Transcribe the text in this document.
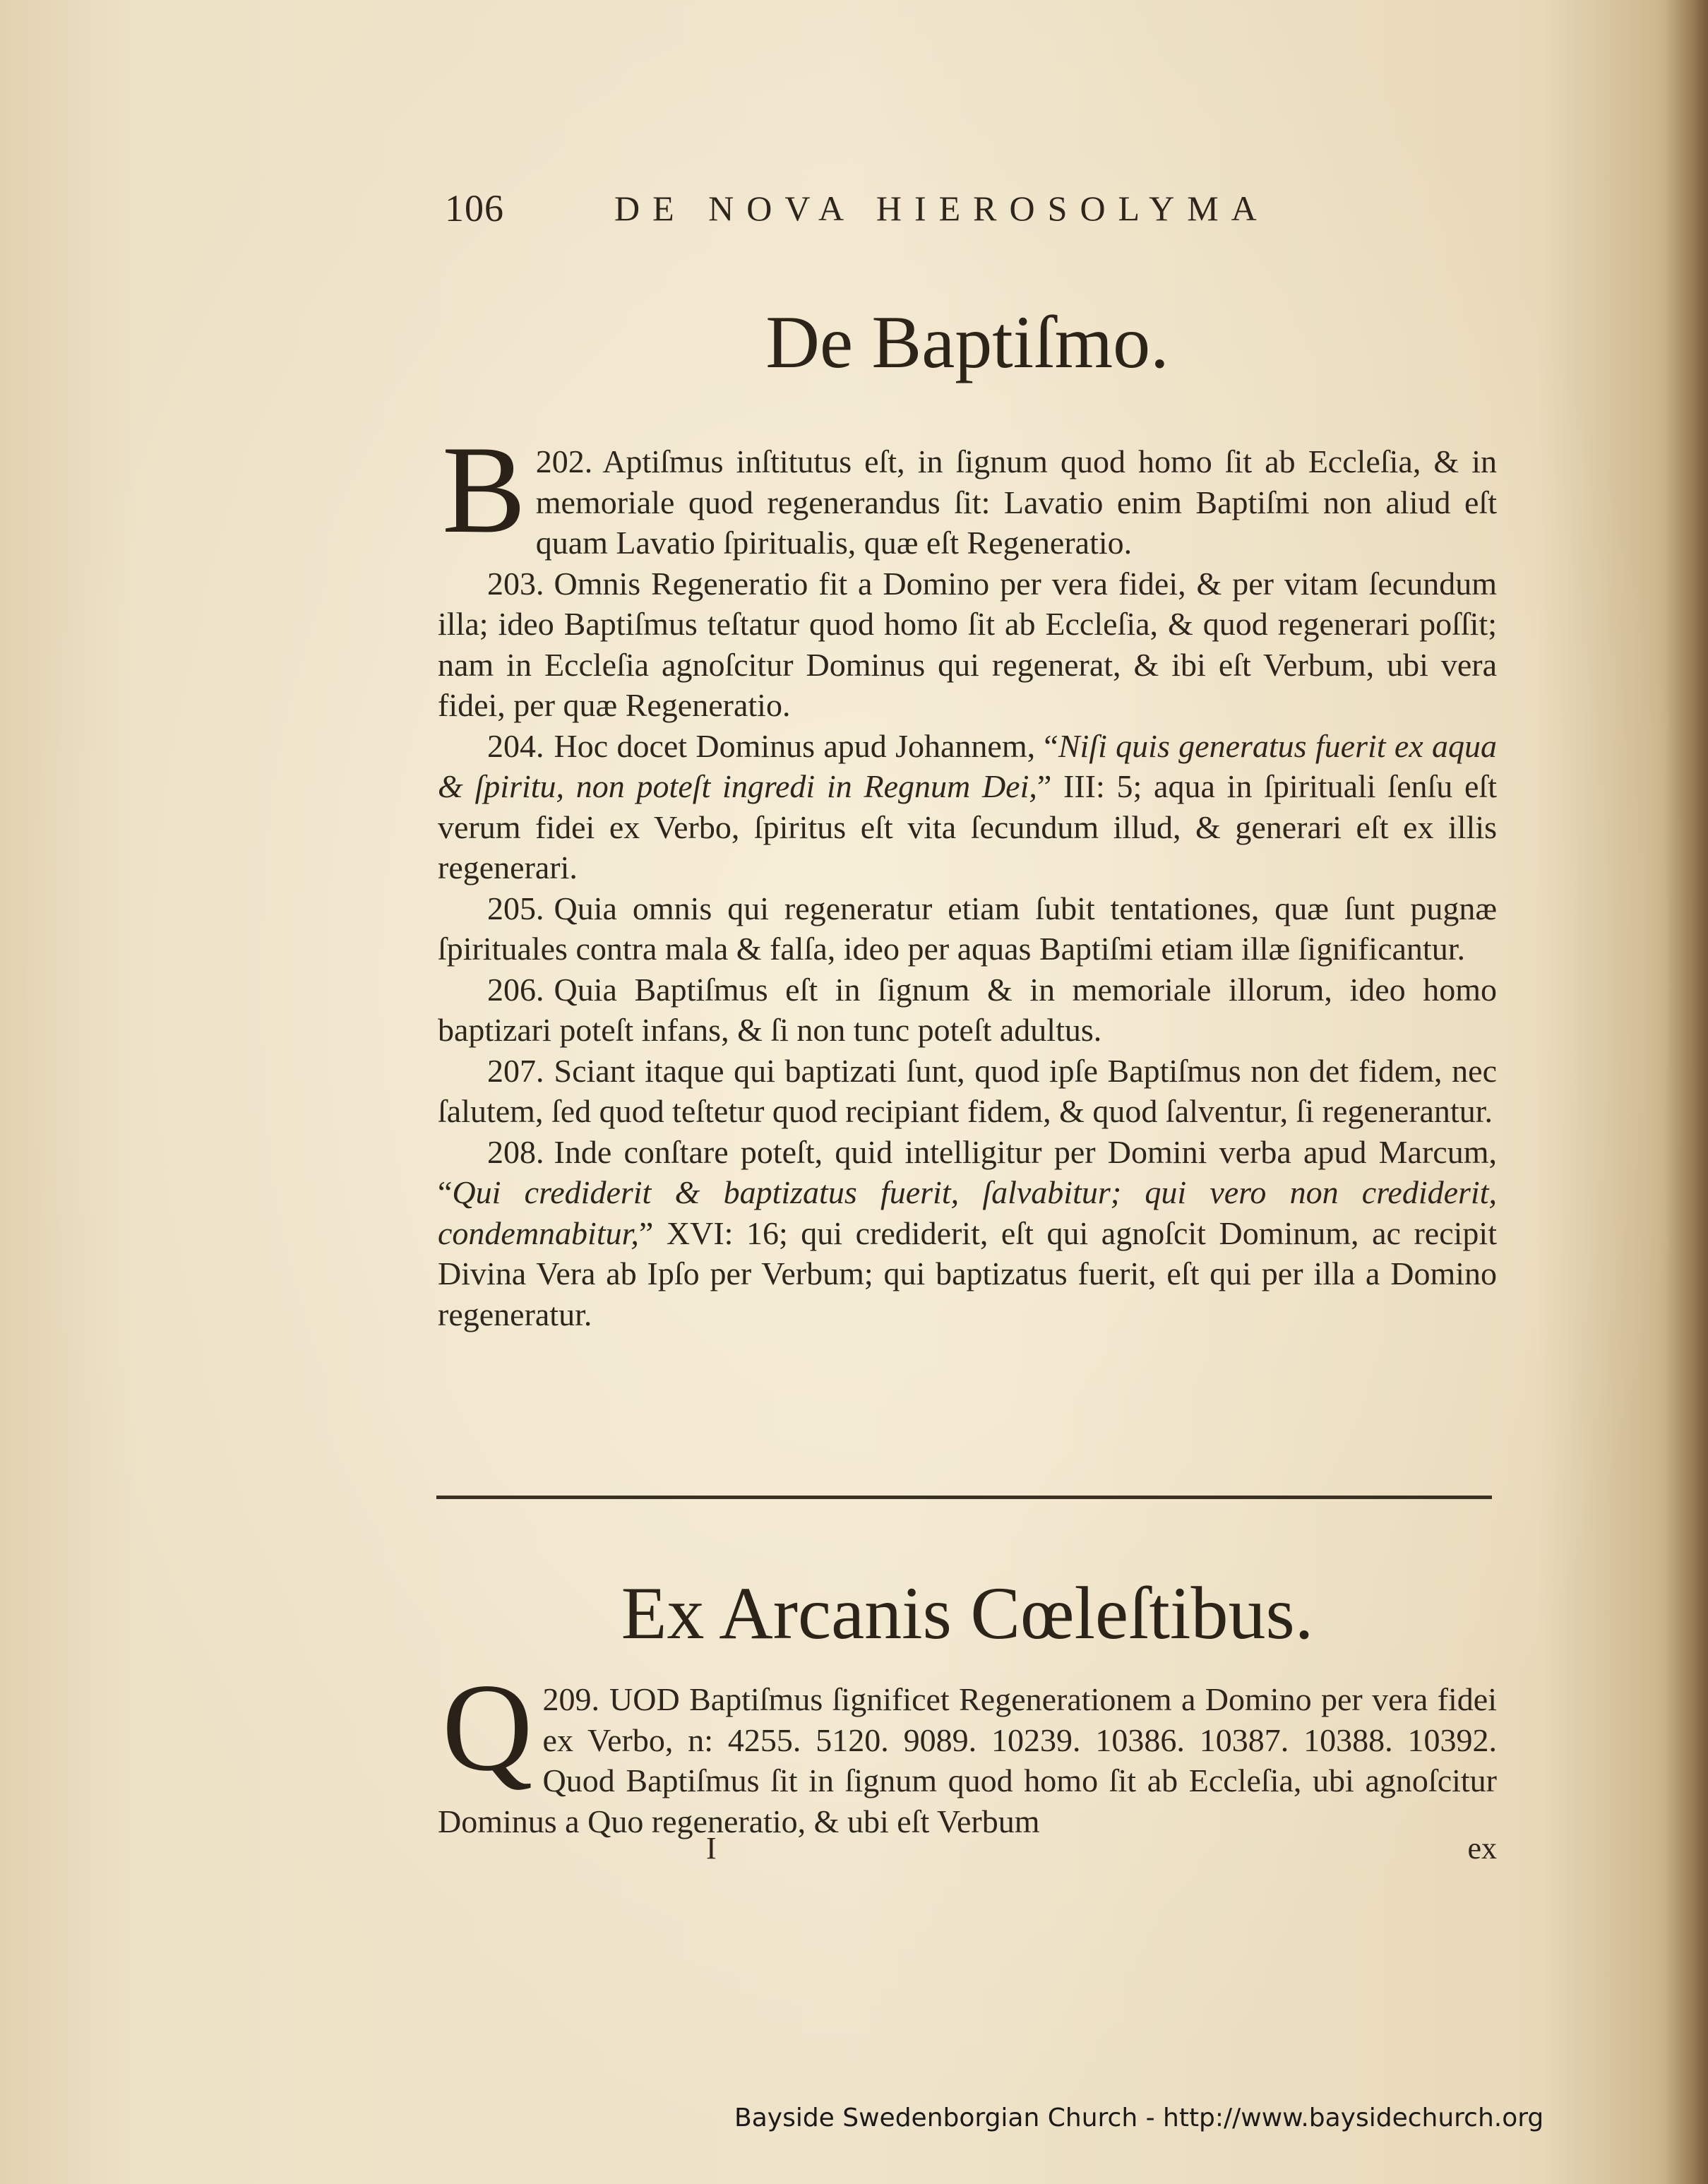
106	DE NOVA HIEROSOLYMA
De Baptiſmo.

202.
B Aptiſmus inſtitutus eſt, in ſignum quod homo ſit ab Eccleſia, & in memoriale quod regenerandus ſit: Lavatio enim Baptiſmi non aliud eſt quam Lavatio ſpiritualis, quæ eſt Regeneratio.

203. Omnis Regeneratio fit a Domino per vera fidei, & per vitam ſecundum illa; ideo Baptiſmus teſtatur quod homo ſit ab Eccleſia, & quod regenerari poſſit; nam in Eccleſia agnoſcitur Dominus qui regenerat, & ibi eſt Verbum, ubi vera fidei, per quæ Regeneratio.

204. Hoc docet Dominus apud Johannem, “Niſi quis generatus fuerit ex aqua & ſpiritu, non poteſt ingredi in Regnum Dei,” III: 5; aqua in ſpirituali ſenſu eſt verum fidei ex Verbo, ſpiritus eſt vita ſecundum illud, & generari eſt ex illis regenerari.

205. Quia omnis qui regeneratur etiam ſubit tentationes, quæ ſunt pugnæ ſpirituales contra mala & falſa, ideo per aquas Baptiſmi etiam illæ ſignificantur.

206. Quia Baptiſmus eſt in ſignum & in memoriale illorum, ideo homo baptizari poteſt infans, & ſi non tunc poteſt adultus.

207. Sciant itaque qui baptizati ſunt, quod ipſe Baptiſmus non det fidem, nec ſalutem, ſed quod teſtetur quod recipiant fidem, & quod ſalventur, ſi regenerantur.

208. Inde conſtare poteſt, quid intelligitur per Domini verba apud Marcum, “Qui crediderit & baptizatus fuerit, ſalvabitur; qui vero non crediderit, condemnabitur,” XVI: 16; qui crediderit, eſt qui agnoſcit Dominum, ac recipit Divina Vera ab Ipſo per Verbum; qui baptizatus fuerit, eſt qui per illa a Domino regeneratur.

Ex Arcanis Cœleſtibus.

209.
Q UOD Baptiſmus ſignificet Regenerationem a Domino per vera fidei ex Verbo, n: 4255. 5120. 9089. 10239. 10386. 10387. 10388. 10392. Quod Baptiſmus ſit in ſignum quod homo ſit ab Eccleſia, ubi agnoſcitur Dominus a Quo regeneratio, & ubi eſt Verbum

I	ex
Bayside Swedenborgian Church - http://www.baysidechurch.org
